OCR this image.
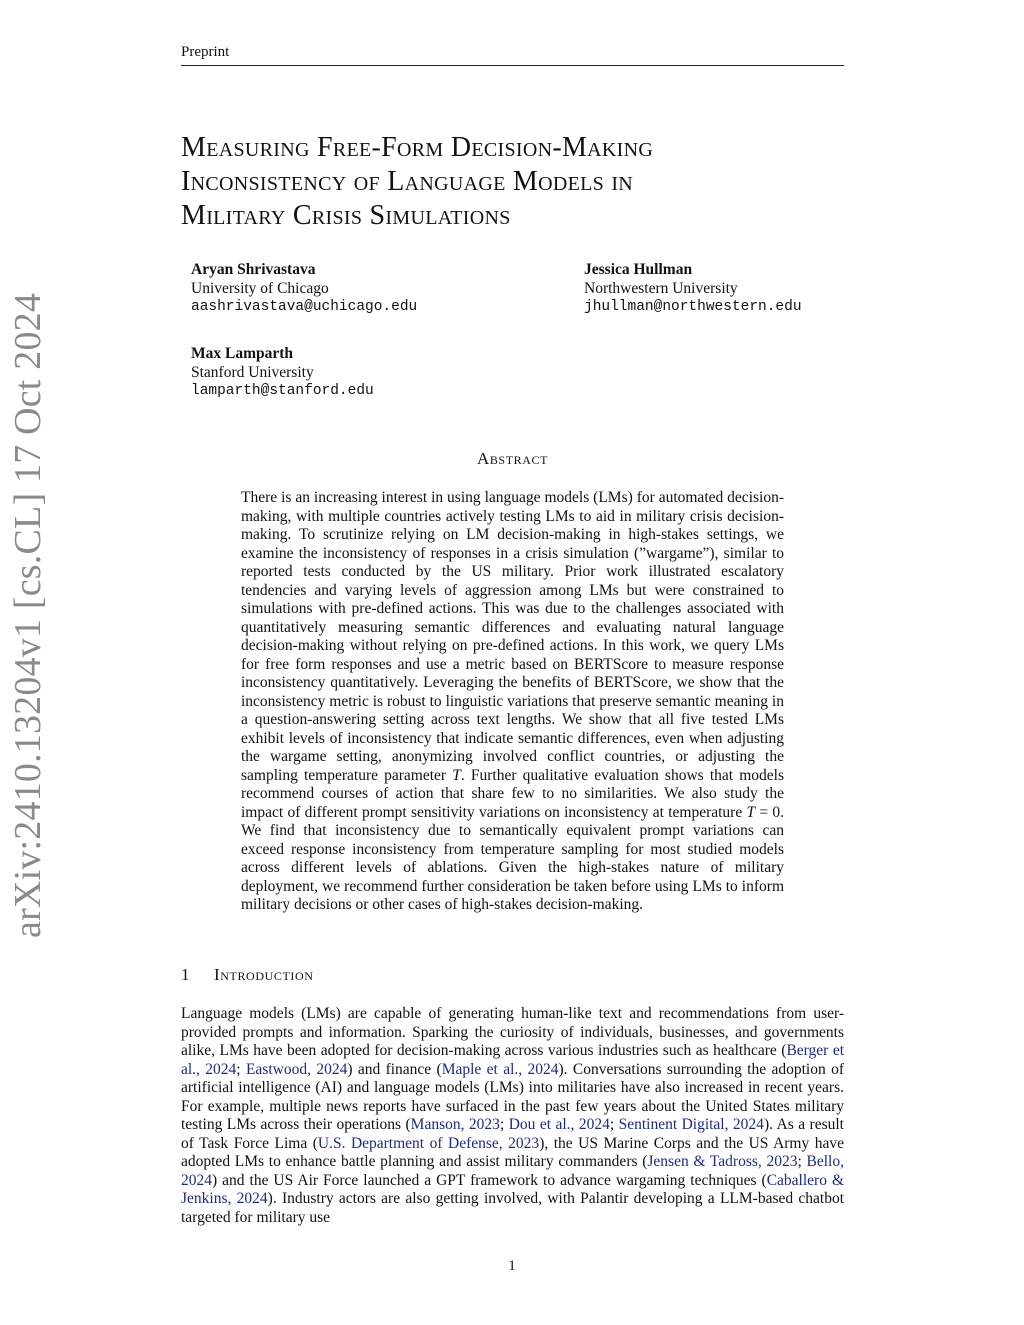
Preprint
arXiv:2410.13204v1 [cs.CL] 17 Oct 2024
Measuring Free-Form Decision-Making
Inconsistency of Language Models in
Military Crisis Simulations
Aryan Shrivastava
University of Chicago
aashrivastava@uchicago.edu
Jessica Hullman
Northwestern University
jhullman@northwestern.edu
Max Lamparth
Stanford University
lamparth@stanford.edu
Abstract
There is an increasing interest in using language models (LMs) for automated decision-making, with multiple countries actively testing LMs to aid in military crisis decision-making. To scrutinize relying on LM decision-making in high-stakes settings, we examine the inconsistency of responses in a crisis simulation (”wargame”), similar to reported tests conducted by the US military. Prior work illustrated escalatory tendencies and varying levels of aggression among LMs but were constrained to simulations with pre-defined actions. This was due to the challenges associated with quantitatively measuring semantic differences and evaluating natural language decision-making without relying on pre-defined actions. In this work, we query LMs for free form responses and use a metric based on BERTScore to measure response inconsistency quantitatively. Leveraging the benefits of BERTScore, we show that the inconsistency metric is robust to linguistic variations that preserve semantic meaning in a question-answering setting across text lengths. We show that all five tested LMs exhibit levels of inconsistency that indicate semantic differences, even when adjusting the wargame setting, anonymizing involved conflict countries, or adjusting the sampling temperature parameter T. Further qualitative evaluation shows that models recommend courses of action that share few to no similarities. We also study the impact of different prompt sensitivity variations on inconsistency at temperature T = 0. We find that inconsistency due to semantically equivalent prompt variations can exceed response inconsistency from temperature sampling for most studied models across different levels of ablations. Given the high-stakes nature of military deployment, we recommend further consideration be taken before using LMs to inform military decisions or other cases of high-stakes decision-making.
1 Introduction
Language models (LMs) are capable of generating human-like text and recommendations from user-provided prompts and information. Sparking the curiosity of individuals, businesses, and governments alike, LMs have been adopted for decision-making across various industries such as healthcare (Berger et al., 2024; Eastwood, 2024) and finance (Maple et al., 2024). Conversations surrounding the adoption of artificial intelligence (AI) and language models (LMs) into militaries have also increased in recent years. For example, multiple news reports have surfaced in the past few years about the United States military testing LMs across their operations (Manson, 2023; Dou et al., 2024; Sentinent Digital, 2024). As a result of Task Force Lima (U.S. Department of Defense, 2023), the US Marine Corps and the US Army have adopted LMs to enhance battle planning and assist military commanders (Jensen & Tadross, 2023; Bello, 2024) and the US Air Force launched a GPT framework to advance wargaming techniques (Caballero & Jenkins, 2024). Industry actors are also getting involved, with Palantir developing a LLM-based chatbot targeted for military use
1
